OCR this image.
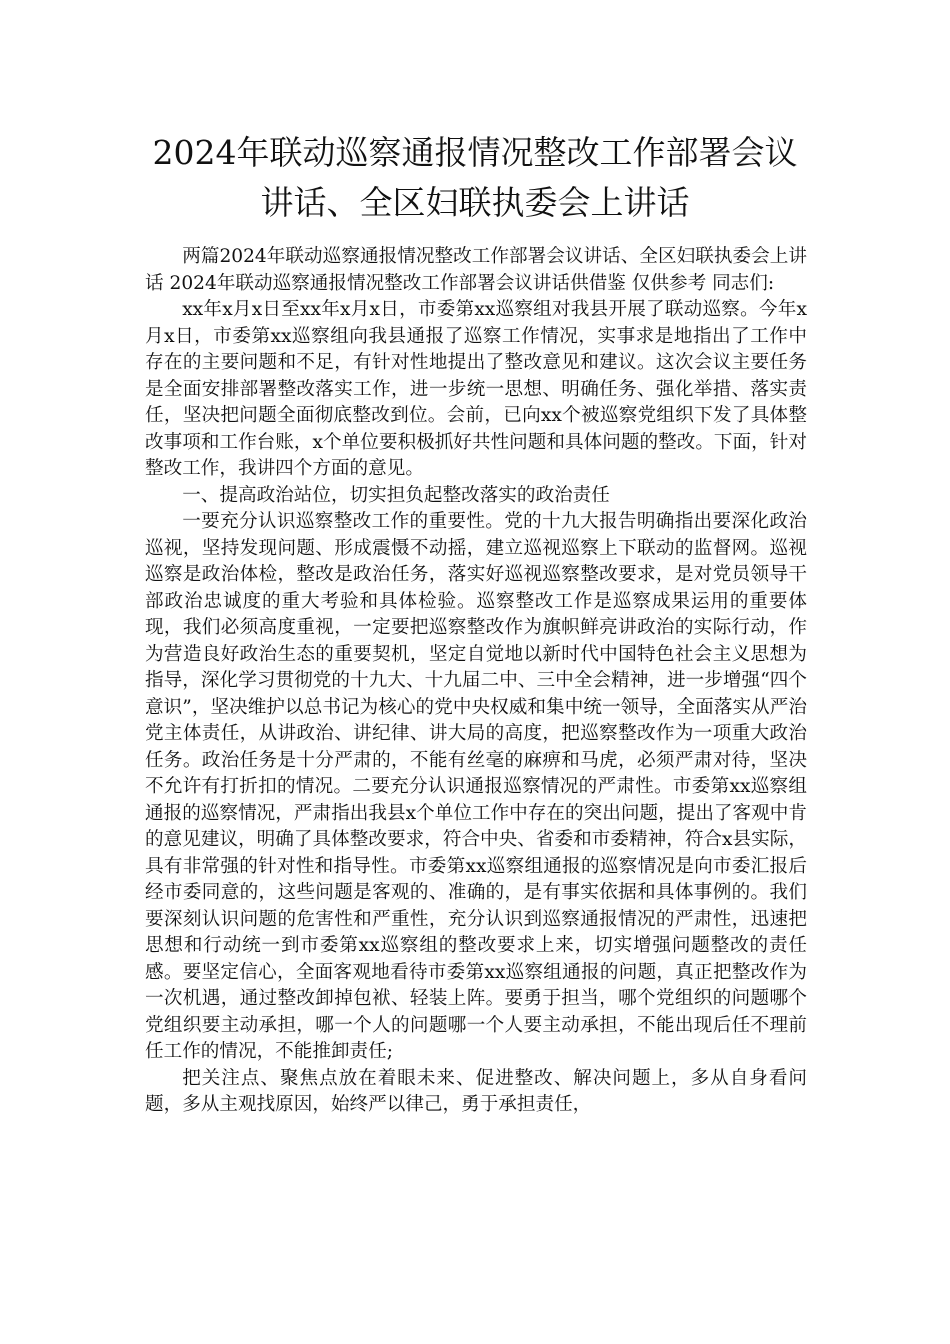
2024年联动巡察通报情况整改工作部署会议讲话、全区妇联执委会上讲话

两篇2024年联动巡察通报情况整改工作部署会议讲话、全区妇联执委会上讲话 2024年联动巡察通报情况整改工作部署会议讲话供借鉴 仅供参考 同志们:

xx年x月x日至xx年x月x日，市委第xx巡察组对我县开展了联动巡察。今年x月x日，市委第xx巡察组向我县通报了巡察工作情况，实事求是地指出了工作中存在的主要问题和不足，有针对性地提出了整改意见和建议。这次会议主要任务是全面安排部署整改落实工作，进一步统一思想、明确任务、强化举措、落实责任，坚决把问题全面彻底整改到位。会前，已向xx个被巡察党组织下发了具体整改事项和工作台账，x个单位要积极抓好共性问题和具体问题的整改。下面，针对整改工作，我讲四个方面的意见。

一、提高政治站位，切实担负起整改落实的政治责任

一要充分认识巡察整改工作的重要性。党的十九大报告明确指出要深化政治巡视，坚持发现问题、形成震慑不动摇，建立巡视巡察上下联动的监督网。巡视巡察是政治体检，整改是政治任务，落实好巡视巡察整改要求，是对党员领导干部政治忠诚度的重大考验和具体检验。巡察整改工作是巡察成果运用的重要体现，我们必须高度重视，一定要把巡察整改作为旗帜鲜亮讲政治的实际行动，作为营造良好政治生态的重要契机，坚定自觉地以新时代中国特色社会主义思想为指导，深化学习贯彻党的十九大、十九届二中、三中全会精神，进一步增强“四个意识”，坚决维护以总书记为核心的党中央权威和集中统一领导，全面落实从严治党主体责任，从讲政治、讲纪律、讲大局的高度，把巡察整改作为一项重大政治任务。政治任务是十分严肃的，不能有丝毫的麻痹和马虎，必须严肃对待，坚决不允许有打折扣的情况。二要充分认识通报巡察情况的严肃性。市委第xx巡察组通报的巡察情况，严肃指出我县x个单位工作中存在的突出问题，提出了客观中肯的意见建议，明确了具体整改要求，符合中央、省委和市委精神，符合x县实际，具有非常强的针对性和指导性。市委第xx巡察组通报的巡察情况是向市委汇报后经市委同意的，这些问题是客观的、准确的，是有事实依据和具体事例的。我们要深刻认识问题的危害性和严重性，充分认识到巡察通报情况的严肃性，迅速把思想和行动统一到市委第xx巡察组的整改要求上来，切实增强问题整改的责任感。要坚定信心，全面客观地看待市委第xx巡察组通报的问题，真正把整改作为一次机遇，通过整改卸掉包袱、轻装上阵。要勇于担当，哪个党组织的问题哪个党组织要主动承担，哪一个人的问题哪一个人要主动承担，不能出现后任不理前任工作的情况，不能推卸责任;

把关注点、聚焦点放在着眼未来、促进整改、解决问题上，多从自身看问题，多从主观找原因，始终严以律己，勇于承担责任，
